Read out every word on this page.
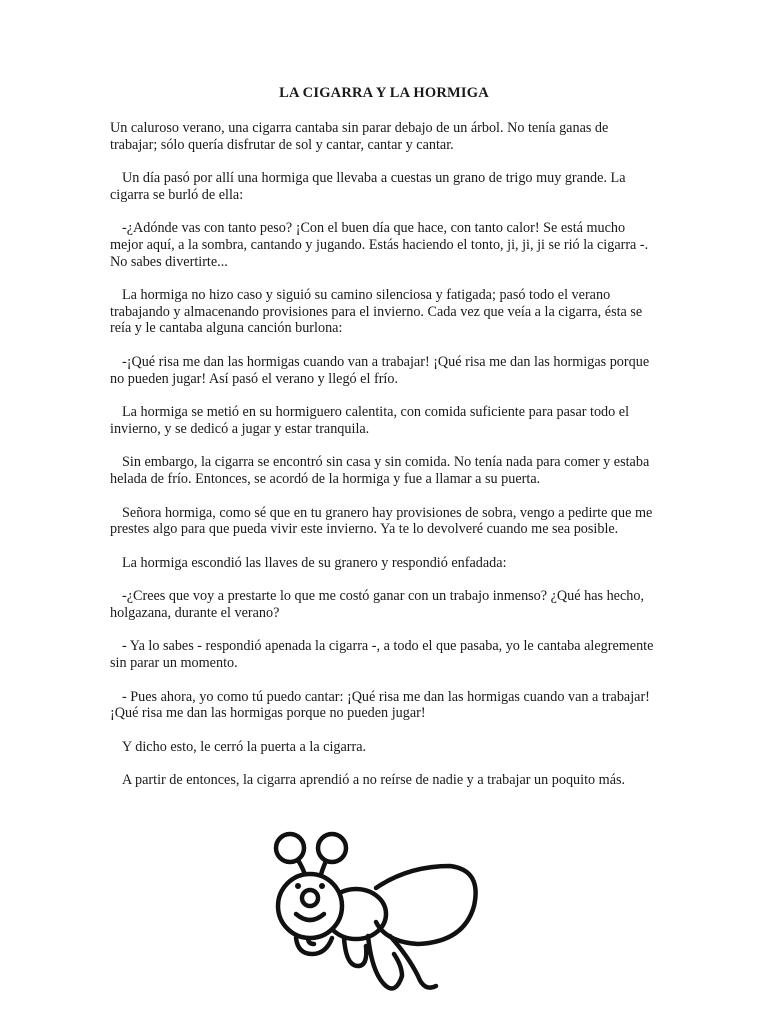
LA CIGARRA Y LA HORMIGA

Un caluroso verano, una cigarra cantaba sin parar debajo de un árbol. No tenía ganas de trabajar; sólo quería disfrutar de sol y cantar, cantar y cantar.

Un día pasó por allí una hormiga que llevaba a cuestas un grano de trigo muy grande. La cigarra se burló de ella:

-¿Adónde vas con tanto peso? ¡Con el buen día que hace, con tanto calor! Se está mucho mejor aquí, a la sombra, cantando y jugando. Estás haciendo el tonto, ji, ji, ji se rió la cigarra -. No sabes divertirte...

La hormiga no hizo caso y siguió su camino silenciosa y fatigada; pasó todo el verano trabajando y almacenando provisiones para el invierno. Cada vez que veía a la cigarra, ésta se reía y le cantaba alguna canción burlona:

-¡Qué risa me dan las hormigas cuando van a trabajar! ¡Qué risa me dan las hormigas porque no pueden jugar! Así pasó el verano y llegó el frío.

La hormiga se metió en su hormiguero calentita, con comida suficiente para pasar todo el invierno, y se dedicó a jugar y estar tranquila.

Sin embargo, la cigarra se encontró sin casa y sin comida. No tenía nada para comer y estaba helada de frío. Entonces, se acordó de la hormiga y fue a llamar a su puerta.

Señora hormiga, como sé que en tu granero hay provisiones de sobra, vengo a pedirte que me prestes algo para que pueda vivir este invierno. Ya te lo devolveré cuando me sea posible.

La hormiga escondió las llaves de su granero y respondió enfadada:

-¿Crees que voy a prestarte lo que me costó ganar con un trabajo inmenso? ¿Qué has hecho, holgazana, durante el verano?

- Ya lo sabes - respondió apenada la cigarra -, a todo el que pasaba, yo le cantaba alegremente sin parar un momento.

- Pues ahora, yo como tú puedo cantar: ¡Qué risa me dan las hormigas cuando van a trabajar! ¡Qué risa me dan las hormigas porque no pueden jugar!

Y dicho esto, le cerró la puerta a la cigarra.

A partir de entonces, la cigarra aprendió a no reírse de nadie y a trabajar un poquito más.
